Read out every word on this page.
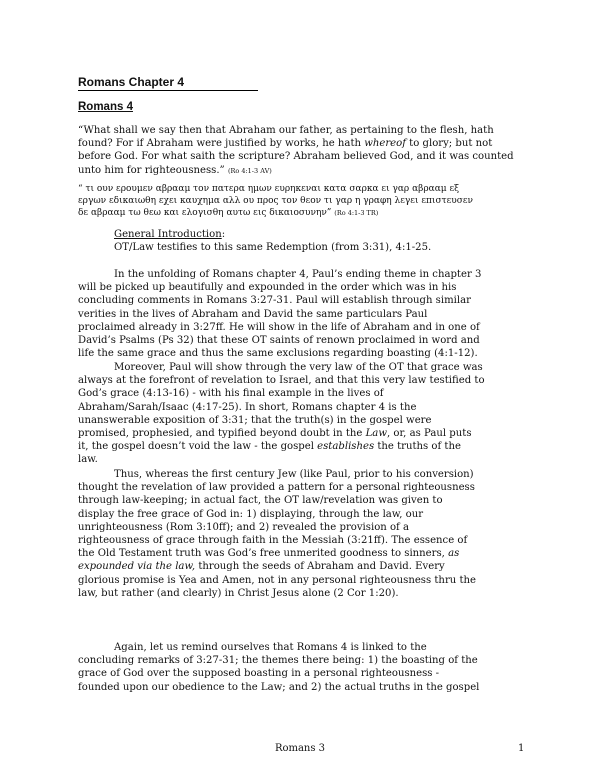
Romans Chapter 4
Romans 4
“What shall we say then that Abraham our father, as pertaining to the flesh, hath
found? For if Abraham were justified by works, he hath whereof to glory; but not
before God. For what saith the scripture? Abraham believed God, and it was counted
unto him for righteousness.” (Ro 4:1-3 AV)
“ τι ουν ερουμεν αβρααμ τον πατερα ημων ευρηκεναι κατα σαρκα ει γαρ αβρααμ εξ
εργων εδικαιωθη εχει καυχημα αλλ ου προς τον θεον τι γαρ η γραφη λεγει επιστευσεν
δε αβρααμ τω θεω και ελογισθη αυτω εις δικαιοσυνην” (Ro 4:1-3 TR)
General Introduction:
OT/Law testifies to this same Redemption (from 3:31), 4:1-25.
In the unfolding of Romans chapter 4, Paul’s ending theme in chapter 3
will be picked up beautifully and expounded in the order which was in his
concluding comments in Romans 3:27-31. Paul will establish through similar
verities in the lives of Abraham and David the same particulars Paul
proclaimed already in 3:27ff. He will show in the life of Abraham and in one of
David’s Psalms (Ps 32) that these OT saints of renown proclaimed in word and
life the same grace and thus the same exclusions regarding boasting (4:1-12).
Moreover, Paul will show through the very law of the OT that grace was
always at the forefront of revelation to Israel, and that this very law testified to
God’s grace (4:13-16) - with his final example in the lives of
Abraham/Sarah/Isaac (4:17-25). In short, Romans chapter 4 is the
unanswerable exposition of 3:31; that the truth(s) in the gospel were
promised, prophesied, and typified beyond doubt in the Law, or, as Paul puts
it, the gospel doesn’t void the law - the gospel establishes the truths of the
law.
Thus, whereas the first century Jew (like Paul, prior to his conversion)
thought the revelation of law provided a pattern for a personal righteousness
through law-keeping; in actual fact, the OT law/revelation was given to
display the free grace of God in: 1) displaying, through the law, our
unrighteousness (Rom 3:10ff); and 2) revealed the provision of a
righteousness of grace through faith in the Messiah (3:21ff). The essence of
the Old Testament truth was God’s free unmerited goodness to sinners, as
expounded via the law, through the seeds of Abraham and David. Every
glorious promise is Yea and Amen, not in any personal righteousness thru the
law, but rather (and clearly) in Christ Jesus alone (2 Cor 1:20).
Again, let us remind ourselves that Romans 4 is linked to the
concluding remarks of 3:27-31; the themes there being: 1) the boasting of the
grace of God over the supposed boasting in a personal righteousness -
founded upon our obedience to the Law; and 2) the actual truths in the gospel
Romans 3	1
